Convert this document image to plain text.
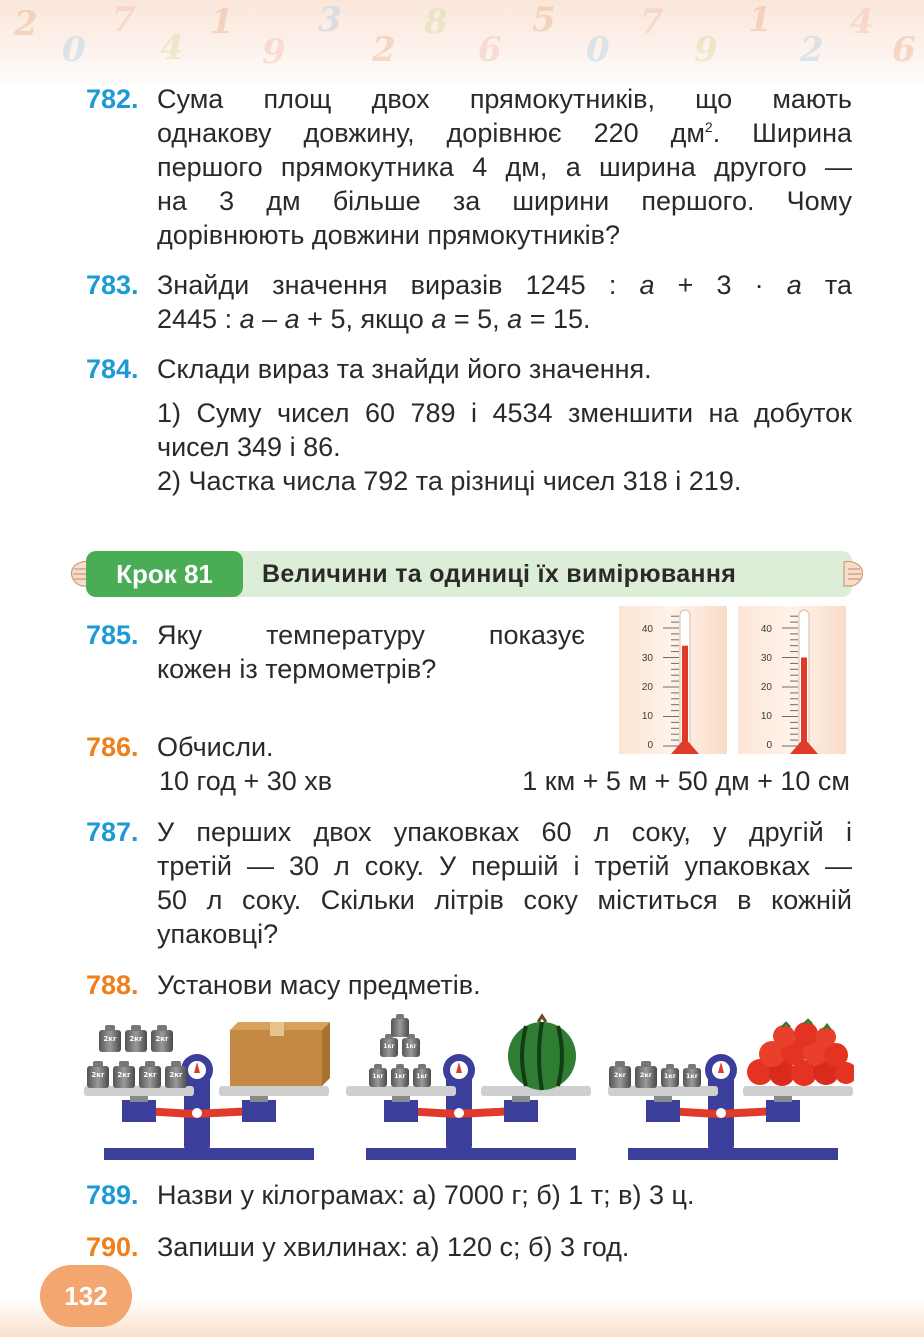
2
0
7
4
1
9
3
2
8
6
5
0
7
9
1
2
4
6
782. Сума площ двох прямокутників, що мають
однакову довжину, дорівнює 220 $дм^2$. Ширина
першого прямокутника 4 дм, а ширина другого —
на 3 дм більше за ширини першого. Чому
дорівнюють довжини прямокутників?
783. Знайди значення виразів 1245 : a + 3 · a та
2445 : a – a + 5, якщо a = 5, a = 15.
784. Склади вираз та знайди його значення.
1) Суму чисел 60 789 і 4534 зменшити на добуток
чисел 349 і 86.
2) Частка числа 792 та різниці чисел 318 і 219.
Крок 81	Величини та одиниці їх вимірювання
785. Яку температуру показує
кожен із термометрів?
40
30
20
10
0
40
30
20
10
0
786. Обчисли.
10 год + 30 хв	1 км + 5 м + 50 дм + 10 см
787. У перших двох упаковках 60 л соку, у другій і
третій — 30 л соку. У першій і третій упаковках —
50 л соку. Скільки літрів соку міститься в кожній
упаковці?
788. Установи масу предметів.
2кг 2кг 2кг 2кг
2кг 2кг 2кг
1кг 1кг 1кг
1кг 1кг
2кг 2кг 1кг 1кг
789. Назви у кілограмах: а) 7000 г; б) 1 т; в) 3 ц.
790. Запиши у хвилинах: а) 120 с; б) 3 год.
132
